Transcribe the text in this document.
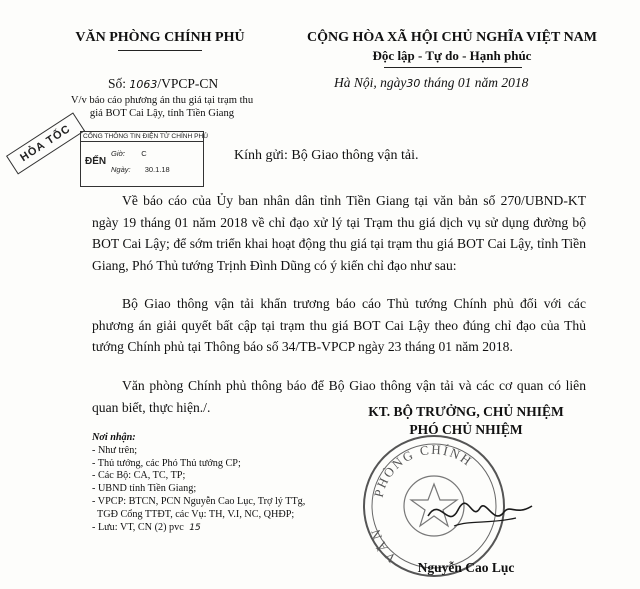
VĂN PHÒNG CHÍNH PHỦ	CỘNG HÒA XÃ HỘI CHỦ NGHĨA VIỆT NAM
Độc lập - Tự do - Hạnh phúc
Số: 1063/VPCP-CN
V/v báo cáo phương án thu giá tại trạm thu
giá BOT Cai Lậy, tỉnh Tiền Giang
Hà Nội, ngày30 tháng 01 năm 2018
HỎA TỐC	CỔNG THÔNG TIN ĐIỆN TỬ CHÍNH PHỦ
ĐẾN
Giờ: C
Ngày: 30.1.18
Kính gửi: Bộ Giao thông vận tải.
Về báo cáo của Ủy ban nhân dân tỉnh Tiền Giang tại văn bản số 270/UBND-KT ngày 19 tháng 01 năm 2018 về chỉ đạo xử lý tại Trạm thu giá dịch vụ sử dụng đường bộ BOT Cai Lậy; để sớm triển khai hoạt động thu giá tại trạm thu giá BOT Cai Lậy, tỉnh Tiền Giang, Phó Thủ tướng Trịnh Đình Dũng có ý kiến chỉ đạo như sau:
Bộ Giao thông vận tải khẩn trương báo cáo Thủ tướng Chính phủ đối với các phương án giải quyết bất cập tại trạm thu giá BOT Cai Lậy theo đúng chỉ đạo của Thủ tướng Chính phủ tại Thông báo số 34/TB-VPCP ngày 23 tháng 01 năm 2018.
Văn phòng Chính phủ thông báo để Bộ Giao thông vận tải và các cơ quan có liên quan biết, thực hiện./.
Nơi nhận:
- Như trên;
- Thủ tướng, các Phó Thủ tướng CP;
- Các Bộ: CA, TC, TP;
- UBND tỉnh Tiền Giang;
- VPCP: BTCN, PCN Nguyễn Cao Lục, Trợ lý TTg,
TGĐ Cổng TTĐT, các Vụ: TH, V.I, NC, QHĐP;
- Lưu: VT, CN (2) pvc 15
KT. BỘ TRƯỞNG, CHỦ NHIỆM
PHÓ CHỦ NHIỆM
PHÒNG CHÍNH
VĂN
Nguyễn Cao Lục
